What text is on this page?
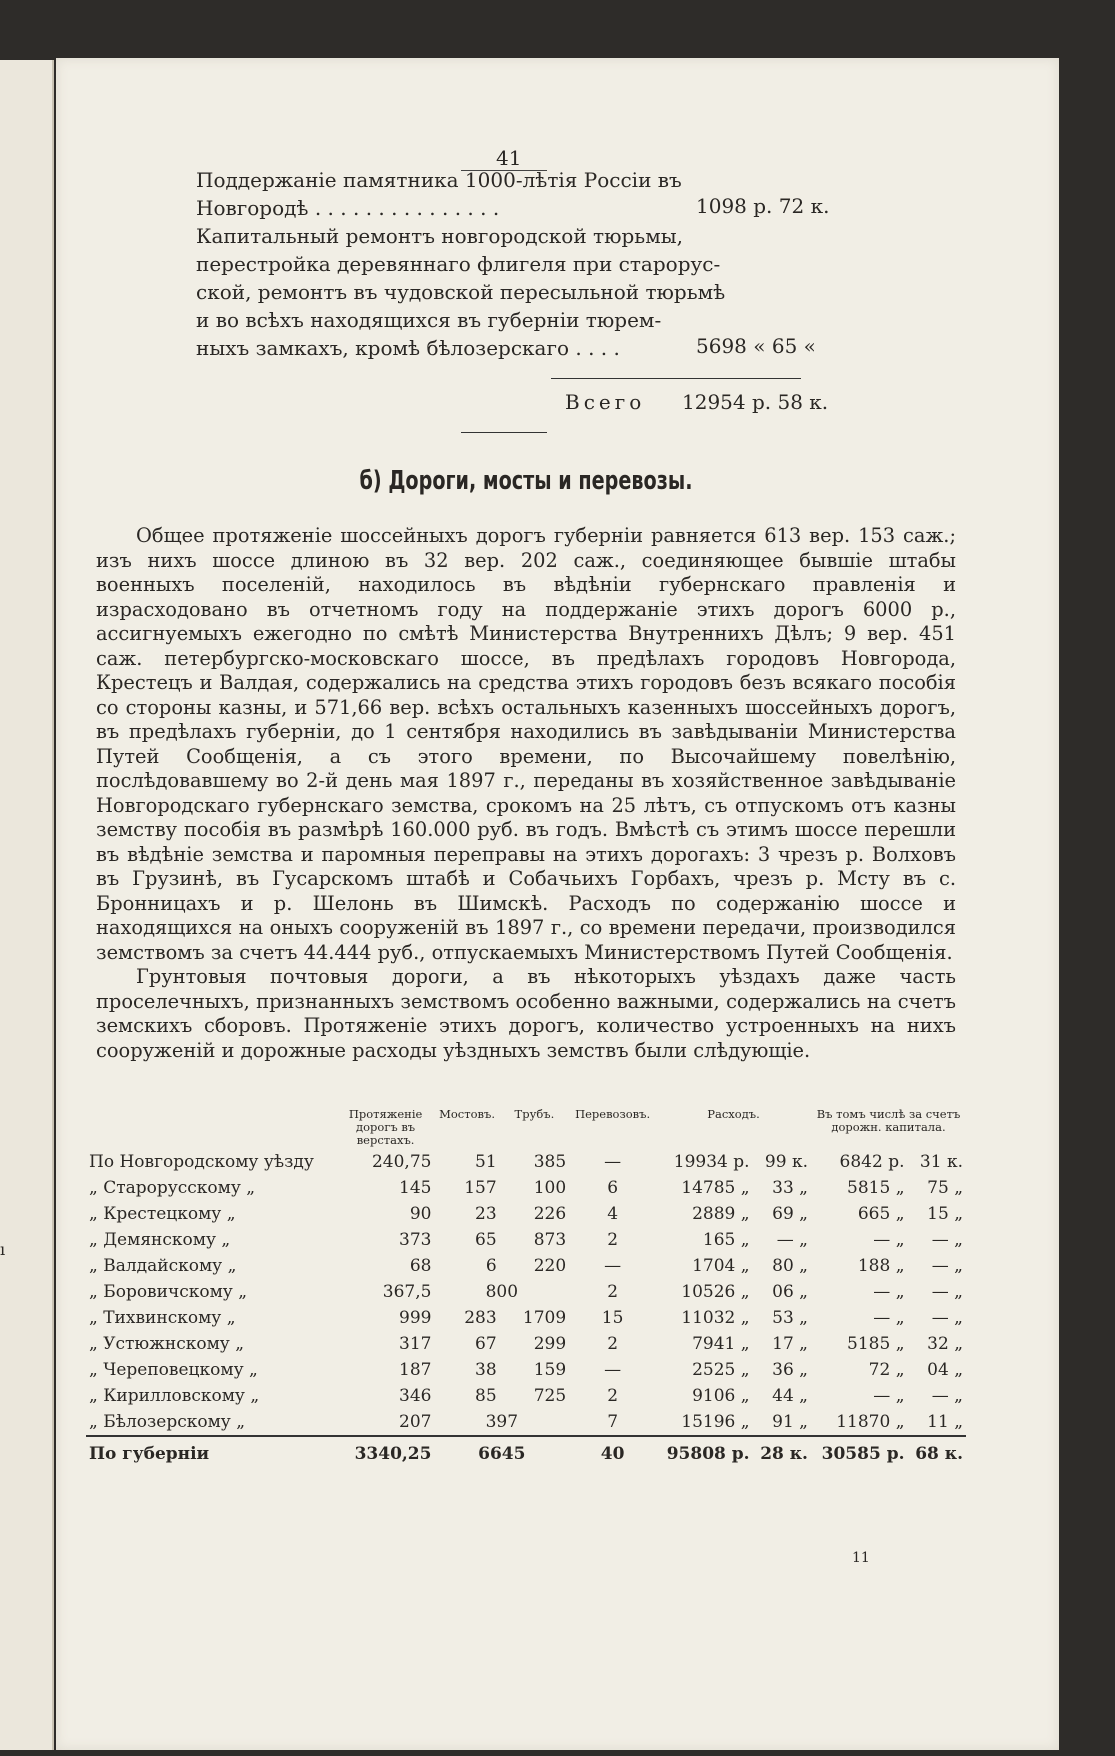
ı
41
Поддержаніе памятника 1000-лѣтія Россіи въ
Новгородѣ . . . . . . . . . . . . . . .	1098 р. 72 к.
Капитальный ремонтъ новгородской тюрьмы,
перестройка деревяннаго флигеля при старорус-
ской, ремонтъ въ чудовской пересыльной тюрьмѣ
и во всѣхъ находящихся въ губерніи тюрем-
ныхъ замкахъ, кромѣ бѣлозерскаго . . . .	5698 « 65 «
Всего 12954 р. 58 к.
б) Дороги, мосты и перевозы.

Общее протяженіе шоссейныхъ дорогъ губерніи равняется 613 вер. 153 саж.; изъ нихъ шоссе длиною въ 32 вер. 202 саж., соединяющее бывшіе штабы военныхъ поселеній, находилось въ вѣдѣніи губернскаго правленія и израсходовано въ отчетномъ году на поддержаніе этихъ дорогъ 6000 р., ассигнуемыхъ ежегодно по смѣтѣ Министерства Внутреннихъ Дѣлъ; 9 вер. 451 саж. петербургско-московскаго шоссе, въ предѣлахъ городовъ Новгорода, Крестецъ и Валдая, содержались на средства этихъ городовъ безъ всякаго пособія со стороны казны, и 571,66 вер. всѣхъ остальныхъ казенныхъ шоссейныхъ дорогъ, въ предѣлахъ губерніи, до 1 сентября находились въ завѣдываніи Министерства Путей Сообщенія, а съ этого времени, по Высочайшему повелѣнію, послѣдовавшему во 2-й день мая 1897 г., переданы въ хозяйственное завѣдываніе Новгородскаго губернскаго земства, срокомъ на 25 лѣтъ, съ отпускомъ отъ казны земству пособія въ размѣрѣ 160.000 руб. въ годъ. Вмѣстѣ съ этимъ шоссе перешли въ вѣдѣніе земства и паромныя переправы на этихъ дорогахъ: 3 чрезъ р. Волховъ въ Грузинѣ, въ Гусарскомъ штабѣ и Собачьихъ Горбахъ, чрезъ р. Мсту въ с. Бронницахъ и р. Шелонь въ Шимскѣ. Расходъ по содержанію шоссе и находящихся на оныхъ сооруженій въ 1897 г., со времени передачи, производился земствомъ за счетъ 44.444 руб., отпускаемыхъ Министерствомъ Путей Сообщенія.

Грунтовыя почтовыя дороги, а въ нѣкоторыхъ уѣздахъ даже часть проселечныхъ, признанныхъ земствомъ особенно важными, содержались на счетъ земскихъ сборовъ. Протяженіе этихъ дорогъ, количество устроенныхъ на нихъ сооруженій и дорожные расходы уѣздныхъ земствъ были слѣдующіе.

	Протяженіе дорогъ въ верстахъ.	Мостовъ.	Трубъ.	Перевозовъ.	Расходъ.		Въ томъ числѣ за счетъ дорожн. капитала.	
По Новгородскому уѣзду	240,75	51	385	—	19934 р.	99 к.	6842 р.	31 к.
„ Старорусскому „	145	157	100	6	14785 „	33 „	5815 „	75 „
„ Крестецкому „	90	23	226	4	2889 „	69 „	665 „	15 „
„ Демянскому „	373	65	873	2	165 „	— „	— „	— „
„ Валдайскому „	68	6	220	—	1704 „	80 „	188 „	— „
„ Боровичскому „	367,5	800		2	10526 „	06 „	— „	— „
„ Тихвинскому „	999	283	1709	15	11032 „	53 „	— „	— „
„ Устюжнскому „	317	67	299	2	7941 „	17 „	5185 „	32 „
„ Череповецкому „	187	38	159	—	2525 „	36 „	72 „	04 „
„ Кирилловскому „	346	85	725	2	9106 „	44 „	— „	— „
„ Бѣлозерскому „	207	397		7	15196 „	91 „	11870 „	11 „
По губерніи	3340,25	6645		40	95808 р.	28 к.	30585 р.	68 к.
11
